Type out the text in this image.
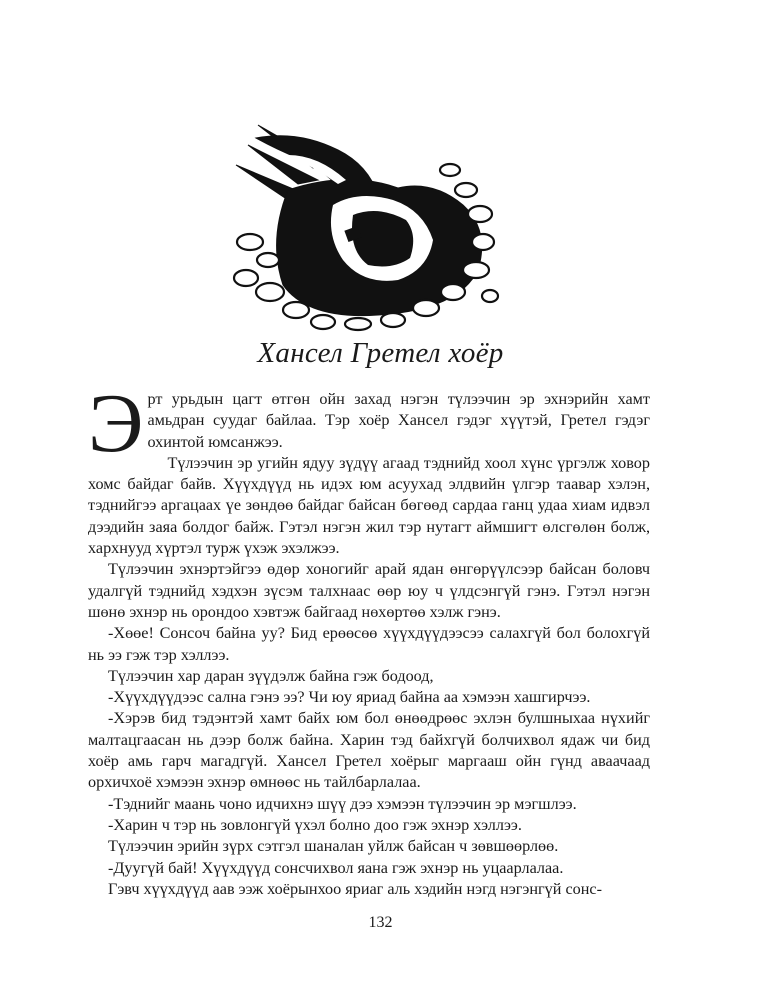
Хансел Гретел хоёр

Эрт урьдын цагт өтгөн ойн захад нэгэн түлээчин эр эхнэрийн хамт амьдран суудаг байлаа. Тэр хоёр Хансел гэдэг хүүтэй, Гретел гэдэг охинтой юмсанжээ.

Түлээчин эр угийн ядуу зүдүү агаад тэднийд хоол хүнс үргэлж ховор хомс байдаг байв. Хүүхдүүд нь идэх юм асуухад элдвийн үлгэр таавар хэлэн, тэднийгээ аргацаах үе зөндөө байдаг байсан бөгөөд сардаа ганц удаа хиам идвэл дээдийн заяа болдог байж. Гэтэл нэгэн жил тэр нутагт аймшигт өлсгөлөн болж, хархнууд хүртэл турж үхэж эхэлжээ.

Түлээчин эхнэртэйгээ өдөр хоногийг арай ядан өнгөрүүлсээр байсан боловч удалгүй тэднийд хэдхэн зүсэм талхнаас өөр юу ч үлдсэнгүй гэнэ. Гэтэл нэгэн шөнө эхнэр нь орондоо хэвтэж байгаад нөхөртөө хэлж гэнэ.

-Хөөе! Сонсоч байна уу? Бид ерөөсөө хүүхдүүдээсээ салахгүй бол болохгүй нь ээ гэж тэр хэллээ.

Түлээчин хар даран зүүдэлж байна гэж бодоод,

-Хүүхдүүдээс сална гэнэ ээ? Чи юу яриад байна аа хэмээн хашгирчээ.

-Хэрэв бид тэдэнтэй хамт байх юм бол өнөөдрөөс эхлэн булшныхаа нүхийг малтацгаасан нь дээр болж байна. Харин тэд байхгүй болчихвол ядаж чи бид хоёр амь гарч магадгүй. Хансел Гретел хоёрыг маргааш ойн гүнд аваачаад орхичхоё хэмээн эхнэр өмнөөс нь тайлбарлалаа.

-Тэднийг маань чоно идчихнэ шүү дээ хэмээн түлээчин эр мэгшлээ.

-Харин ч тэр нь зовлонгүй үхэл болно доо гэж эхнэр хэллээ.

Түлээчин эрийн зүрх сэтгэл шаналан уйлж байсан ч зөвшөөрлөө.

-Дуугүй бай! Хүүхдүүд сонсчихвол яана гэж эхнэр нь уцаарлалаа.

Гэвч хүүхдүүд аав ээж хоёрынхоо яриаг аль хэдийн нэгд нэгэнгүй сонс-

132
